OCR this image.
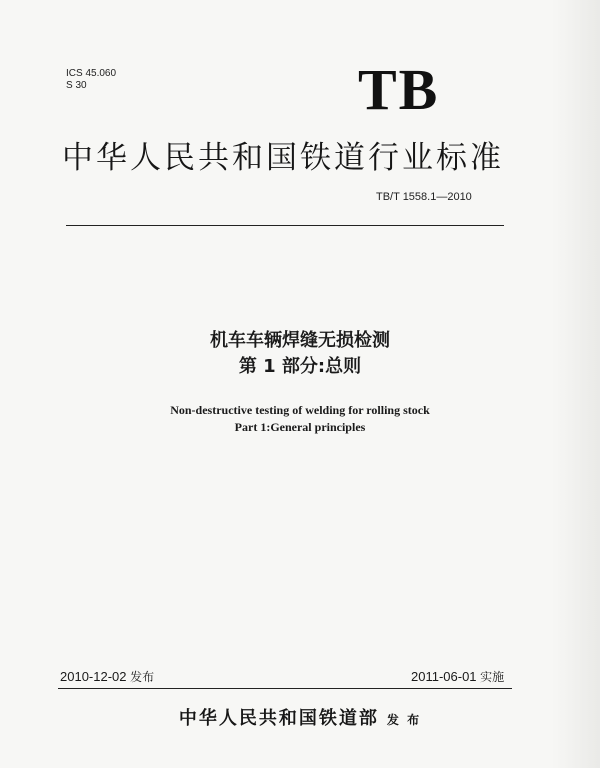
ICS 45.060
S 30	TB
中华人民共和国铁道行业标准
TB/T 1558.1—2010
机车车辆焊缝无损检测
第 1 部分:总则
Non-destructive testing of welding for rolling stock
Part 1:General principles
2010-12-02 发布	2011-06-01 实施
中华人民共和国铁道部 发 布
